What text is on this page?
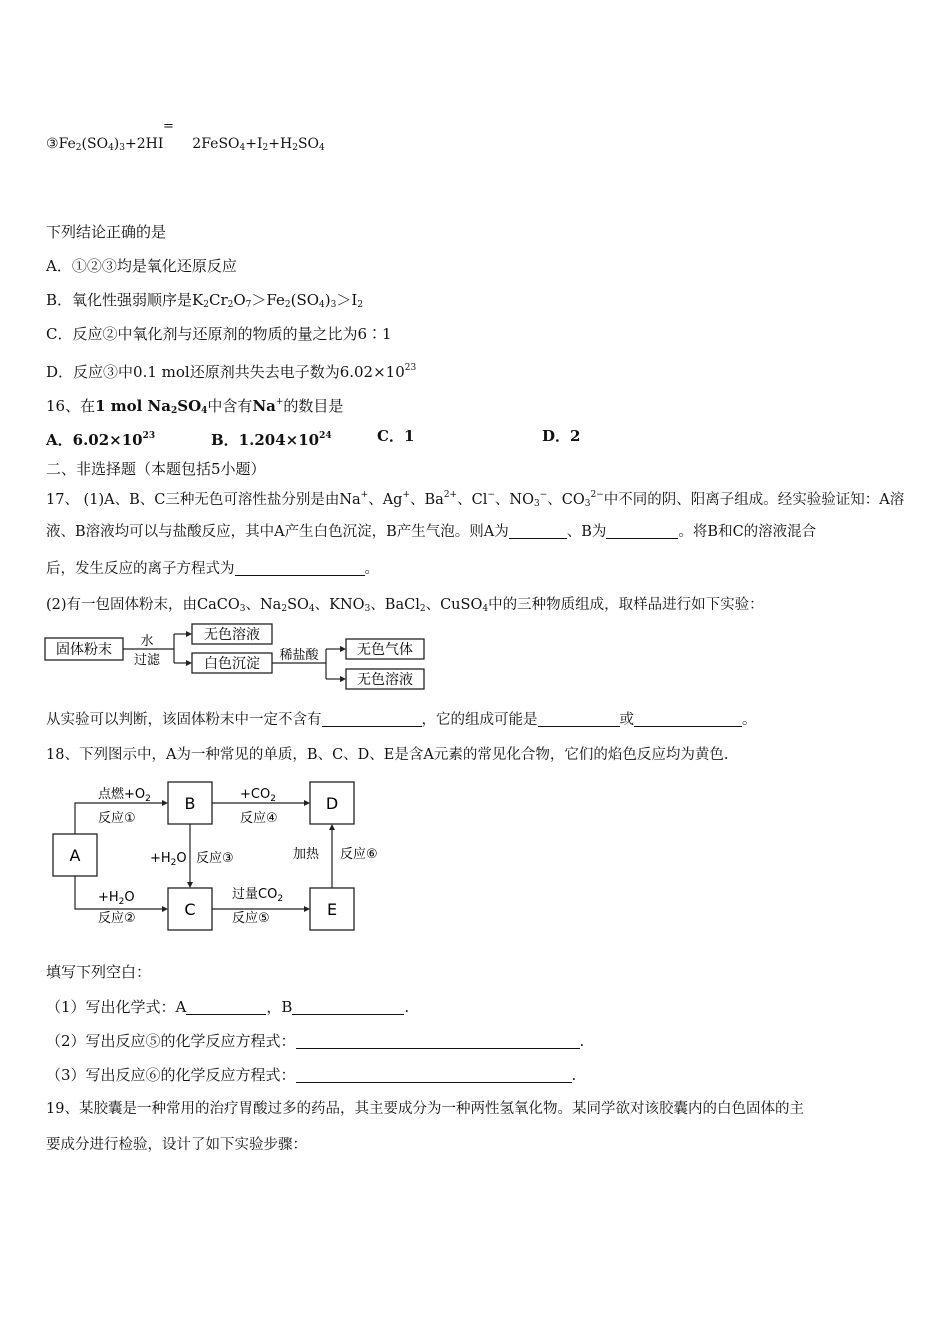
$③Fe_2(SO_4)_3+2HI$ $2FeSO_4+I_2+H_2SO_4$
=
下列结论正确的是
A．①②③均是氧化还原反应
B．氧化性强弱顺序是$K_2Cr_2O_7>Fe_2(SO_4)_3>I_2$
C．反应②中氧化剂与还原剂的物质的量之比为6∶1
D．反应③中0.1 mol还原剂共失去电子数为$6.02\times 10^{23}$
16、在1 mol $Na_2SO_4$中含有Na+的数目是
A．$6.02\times 10^{23}$	B．$1.204\times 10^{24}$	C．1	D．2
二、非选择题（本题包括5小题）
17、 (1)A、B、C三种无色可溶性盐分别是由Na+、Ag+、$Ba^{2+}$、Cl−、$NO_3^-$、$CO_3^{2-}$中不同的阴、阳离子组成。经实验验证知：A溶
液、B溶液均可以与盐酸反应，其中A产生白色沉淀，B产生气泡。则A为	、B为	。将B和C的溶液混合
后，发生反应的离子方程式为	。
(2)有一包固体粉末，由CaCO$_3$、$Na_2SO_4$、$KNO_3$、BaCl$_2$、CuSO$_4$中的三种物质组成，取样品进行如下实验：
固体粉末
水
过滤
无色溶液
白色沉淀
稀盐酸	无色气体
无色溶液
从实验可以判断，该固体粉末中一定不含有	，它的组成可能是	或	。
18、下列图示中，A为一种常见的单质，B、C、D、E是含A元素的常见化合物，它们的焰色反应均为黄色.
A
B
C
D
E
点燃$+O_2$
反应①
$+H_2O$
反应②
$+H_2O$ 反应③
$+CO_2$
反应④
过量$CO_2$
反应⑤
加热 反应⑥
填写下列空白：
（1）写出化学式：A	，B	.
（2）写出反应⑤的化学反应方程式：	.
（3）写出反应⑥的化学反应方程式：	.
19、某胶囊是一种常用的治疗胃酸过多的药品，其主要成分为一种两性氢氧化物。某同学欲对该胶囊内的白色固体的主
要成分进行检验，设计了如下实验步骤：
